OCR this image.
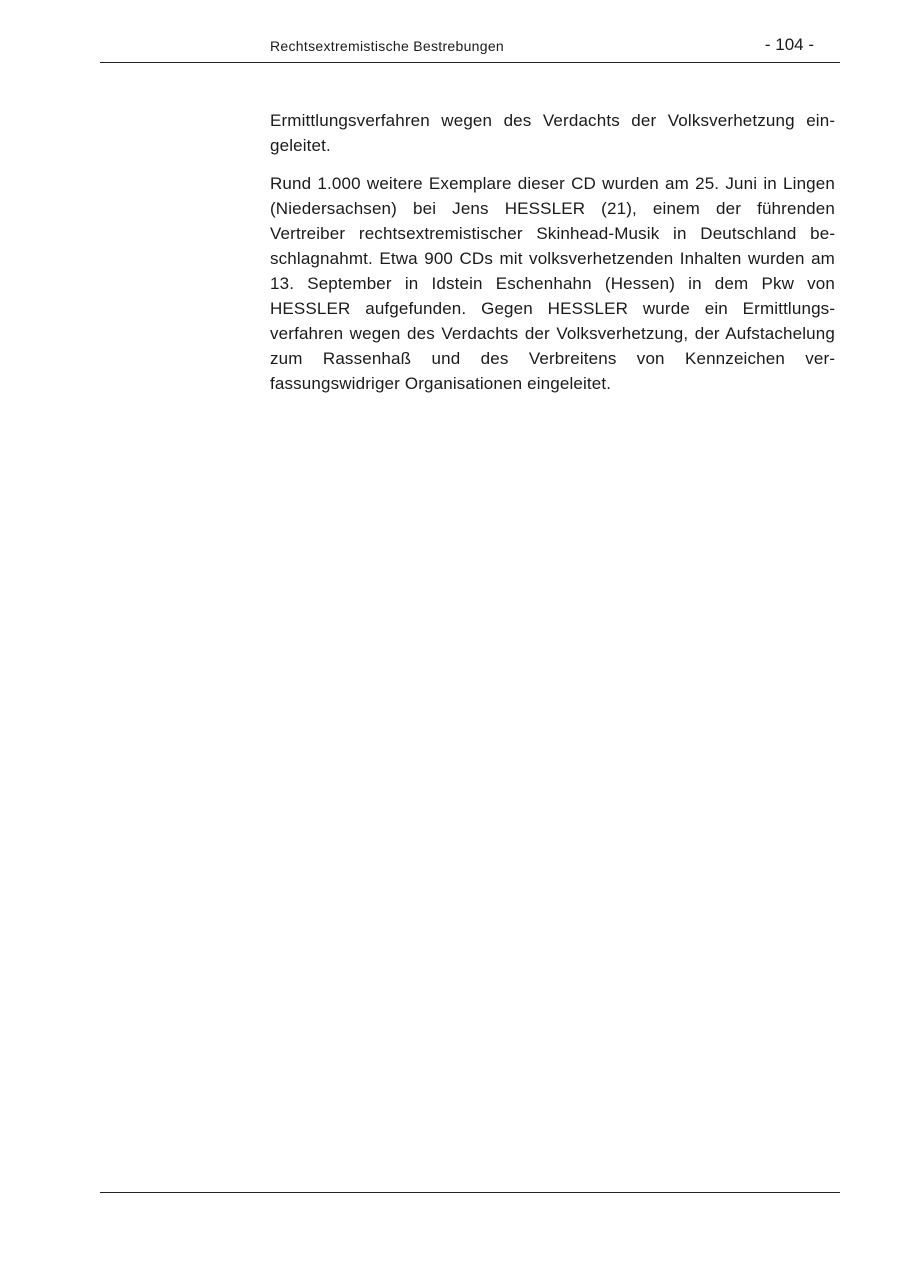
Rechtsextremistische Bestrebungen	- 104 -

Ermittlungsverfahren wegen des Verdachts der Volksverhetzung eingeleitet.

Rund 1.000 weitere Exemplare dieser CD wurden am 25. Juni in Lingen (Niedersachsen) bei Jens HESSLER (21), einem der führenden Vertreiber rechtsextremistischer Skinhead-Musik in Deutschland beschlagnahmt. Etwa 900 CDs mit volksverhetzenden Inhalten wurden am 13. September in Idstein Eschenhahn (Hessen) in dem Pkw von HESSLER aufgefunden. Gegen HESSLER wurde ein Ermittlungsverfahren wegen des Verdachts der Volksverhetzung, der Aufstachelung zum Rassenhaß und des Verbreitens von Kennzeichen verfassungswidriger Organisationen eingeleitet.
